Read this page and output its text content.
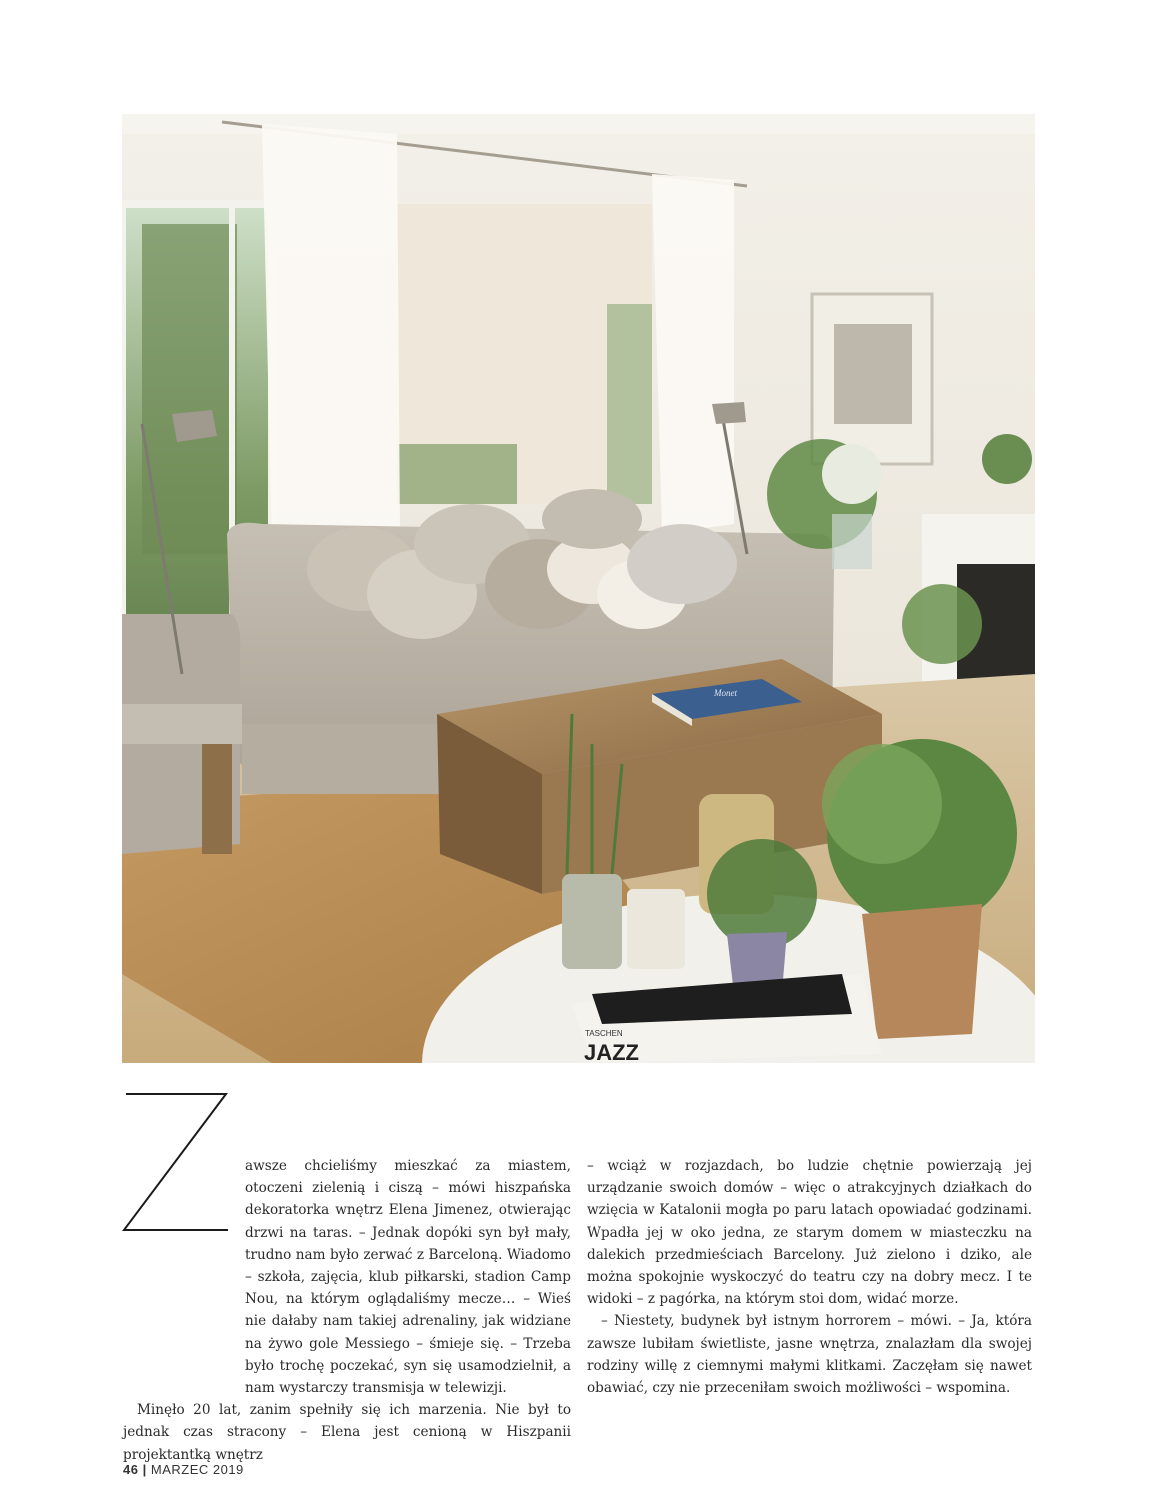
JAZZ
TASCHEN
Monet

awsze chcieliśmy mieszkać za miastem, otoczeni zielenią i ciszą – mówi hiszpańska dekoratorka wnętrz Elena Jimenez, otwierając drzwi na taras. – Jednak dopóki syn był mały, trudno nam było zerwać z Barceloną. Wiadomo – szkoła, zajęcia, klub piłkarski, stadion Camp Nou, na którym oglądaliśmy mecze… – Wieś nie dałaby nam takiej adrenaliny, jak widziane na żywo gole Messiego – śmieje się. – Trzeba było trochę poczekać, syn się usamodzielnił, a nam wystarczy transmisja w telewizji.

Minęło 20 lat, zanim spełniły się ich marzenia. Nie był to jednak czas stracony – Elena jest cenioną w Hiszpanii projektantką wnętrz

– wciąż w rozjazdach, bo ludzie chętnie powierzają jej urządzanie swoich domów – więc o atrakcyjnych działkach do wzięcia w Katalonii mogła po paru latach opowiadać godzinami. Wpadła jej w oko jedna, ze starym domem w miasteczku na dalekich przedmieściach Barcelony. Już zielono i dziko, ale można spokojnie wyskoczyć do teatru czy na dobry mecz. I te widoki – z pagórka, na którym stoi dom, widać morze.

– Niestety, budynek był istnym horrorem – mówi. – Ja, która zawsze lubiłam świetliste, jasne wnętrza, znalazłam dla swojej rodziny willę z ciemnymi małymi klitkami. Zaczęłam się nawet obawiać, czy nie przeceniłam swoich możliwości – wspomina.

46 | MARZEC 2019
